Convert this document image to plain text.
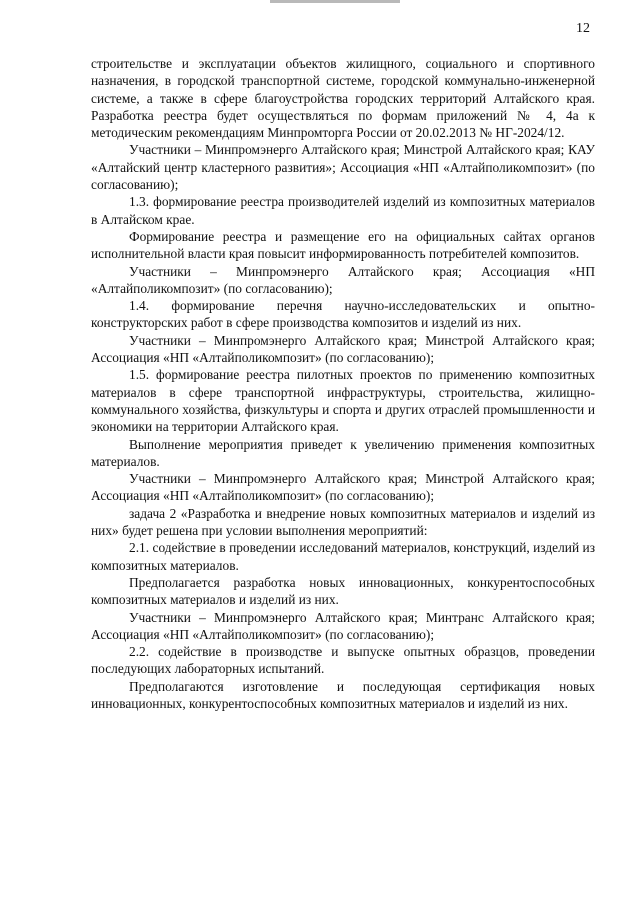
12

строительстве и эксплуатации объектов жилищного, социального и спортивного назначения, в городской транспортной системе, городской коммунально-инженерной системе, а также в сфере благоустройства городских территорий Алтайского края. Разработка реестра будет осуществляться по формам приложений № 4, 4а к методическим рекомендациям Минпромторга России от 20.02.2013 № НГ-2024/12.

Участники – Минпромэнерго Алтайского края; Минстрой Алтайского края; КАУ «Алтайский центр кластерного развития»; Ассоциация «НП «Алтайполикомпозит» (по согласованию);

1.3. формирование реестра производителей изделий из композитных материалов в Алтайском крае.

Формирование реестра и размещение его на официальных сайтах органов исполнительной власти края повысит информированность потребителей композитов.

Участники – Минпромэнерго Алтайского края; Ассоциация «НП «Алтайполикомпозит» (по согласованию);

1.4. формирование перечня научно-исследовательских и опытно-конструкторских работ в сфере производства композитов и изделий из них.

Участники – Минпромэнерго Алтайского края; Минстрой Алтайского края; Ассоциация «НП «Алтайполикомпозит» (по согласованию);

1.5. формирование реестра пилотных проектов по применению композитных материалов в сфере транспортной инфраструктуры, строительства, жилищно-коммунального хозяйства, физкультуры и спорта и других отраслей промышленности и экономики на территории Алтайского края.

Выполнение мероприятия приведет к увеличению применения композитных материалов.

Участники – Минпромэнерго Алтайского края; Минстрой Алтайского края; Ассоциация «НП «Алтайполикомпозит» (по согласованию);

задача 2 «Разработка и внедрение новых композитных материалов и изделий из них» будет решена при условии выполнения мероприятий:

2.1. содействие в проведении исследований материалов, конструкций, изделий из композитных материалов.

Предполагается разработка новых инновационных, конкурентоспособных композитных материалов и изделий из них.

Участники – Минпромэнерго Алтайского края; Минтранс Алтайского края; Ассоциация «НП «Алтайполикомпозит» (по согласованию);

2.2. содействие в производстве и выпуске опытных образцов, проведении последующих лабораторных испытаний.

Предполагаются изготовление и последующая сертификация новых инновационных, конкурентоспособных композитных материалов и изделий из них.
